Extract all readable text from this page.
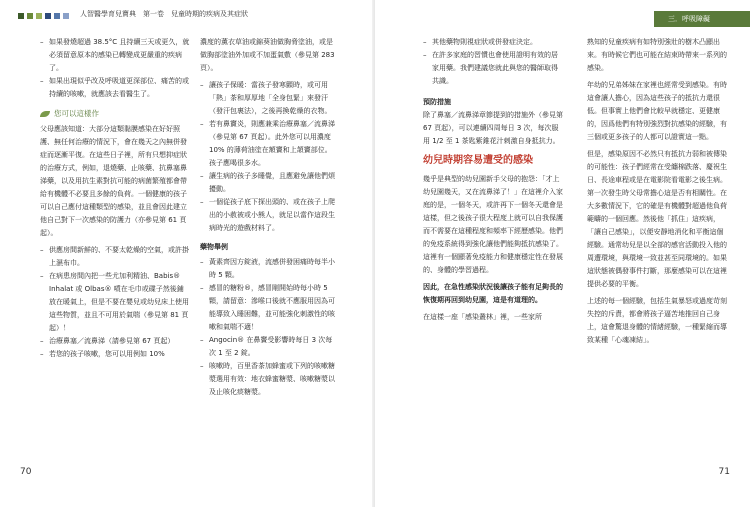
人智醫學育兒寶典　第一卷　兒童時期的疾病及其症狀
– 如果發燒超過 38.5°C 且持續三天或更久，就必須留意原本的感染已轉變成更嚴重的疾病了。
– 如果出現似乎改及呼吸道更深部位、痛苦的或持續的咳嗽，就應該去看醫生了。
您可以這樣作

父母應該知道：大部分這類黏膜感染在好好照護、無任何治療的情況下，會在幾天之內無併發症而逐漸平復。在這些日子裡，所有只想抑症狀的治療方式，例如，退燒藥、止咳藥、抗鼻塞鼻涕藥，以及用抗生素對抗可能的病菌繁殖都會帶給有機體不必要且多餘的負荷。一個健康的孩子可以自己應付這種類型的感染，並且會因此建立他自己對下一次感染的防護力（亦參見第 61 頁起）。

– 供應房間新鮮的、不要太乾燥的空氣，或許掛上濕布巾。
– 在病患房間內把一些尤加利精油、Babis® Inhalat 或 Olbas® 噴在毛巾或碟子然後鋪放在暖氣上，但是不要在嬰兒或幼兒床上使用這些物質，並且不可用於氣喘（參見第 81 頁起）！
– 治療鼻塞／流鼻涕（請參見第 67 頁起）
– 若您的孩子咳嗽，您可以用例如 10%

濃度的薰衣草油或錦葵油做胸脅塗油，或是做胸部塗油外加或不加蛋氣敷（參見第 283 頁）。

– 讓孩子保暖：當孩子發寒顫時，或可用「熱」茶和厚厚地「全身包緊」來發汗（發汗包裏法），之後再換乾燥的衣物。
– 若有鼻竇炎，則應兼乘治療鼻塞／流鼻涕（參見第 67 頁起）。此外您可以用濃度 10% 的薄荷油塗在額竇和上頷竇部位。孩子應喝很多水。
– 讓生病的孩子多睡覺，且應避免讓他們煩擾動。
– 一個從孩子底下探出頭的、或在孩子上爬出的小赦被或小熊人，就足以當作這段生病時光的遊戲材料了。
藥物舉例
– 黃素齊因方錠液，流感併發困痛時每半小時 5 顆。
– 感冒的糖粉®，感冒剛開始時每小時 5 顆，請留意：滲喉口後就不應服用因為可能導致入睡困難，並可能強化刺激性的咳嗽和氣喘不適！
– Angocin® 在鼻竇受影響時每日 3 次每次 1 至 2 錠。
– 咳嗽時，百里香茶加蜂蜜或下列的咳嗽糖漿選用有效：地衣蜂蜜糖漿、咳嗽糖漿以及止咳化痰糖漿。
70
三．呼吸障礙
– 其他藥物則視症狀或併發症決定。
– 在許多家庭的習慣也會使用證明有效的居家用藥。我們建議您就此與您的醫師取得共識。
預防措施

除了鼻塞／流鼻涕章節提到的措施外（參見第 67 頁起），可以連續四周每日 3 次，每次服用 1/2 至 1 茶匙紫錐花汁刺激自身抵抗力。

幼兒時期容易遭受的感染

幾乎是典型的幼兒園新手父母的抱怨：「才上幼兒園幾天，又在流鼻涕了！」在這裡介入家庭的是，一個冬天，或許再下一個冬天還會是這樣，但之後孩子很大程度上就可以自我保護而不需要在這種程度和頻率下經歷感染。他們的免疫系統得到強化讓他們能夠抵抗感染了。這裡有一個顯著免疫能力和健康穩定性在發展的、身體的學習過程。

因此，在急性感染狀況後讓孩子能有足夠長的恢復期再回到幼兒園，這是有道理的。

在這樣一座「感染叢林」裡，一些家所

熟知的兒童疾病有如特別強壯的樹木凸顯出來。有時候它們也可能在結束時帶來一系列的感染。

年幼的兄弟姊妹在家裡也經常受到感染。有時這會讓人擔心，因為這些孩子的抵抗力還很低。但事實上他們會比較早就穩定、更健康的，因爲他們有特別強烈對抗感染的經驗，有三個或更多孩子的人都可以證實這一點。

但是，感染原因不必然只有抵抗力弱和被傳染的可能性：孩子們經常在受纏棉跌落、慶祝生日、長途車程或是在電影院看電影之後生病。第一次發生時父母常擔心這是否有相關性。在大多數情況下，它的確是有機體對超過他負荷範疇的一個回應。然後他「抓住」這疾病，「讓自己感染」，以便安靜地消化和平衡這個經驗。通常幼兒是以全部的感官活動投入他的周遭環境，與環境一致並甚至同環境的。如果這狀態被偶發事件打斷，那麼感染可以在這裡提供必要的平衡。

上述的每一個經驗，包括生氣暴怒或過度苛刻失控的斥責，都會將孩子逼苦地推回自己身上，這會驚退身體的情緒經驗，一種緊縮而導致某種「心魂凍結」。

71
